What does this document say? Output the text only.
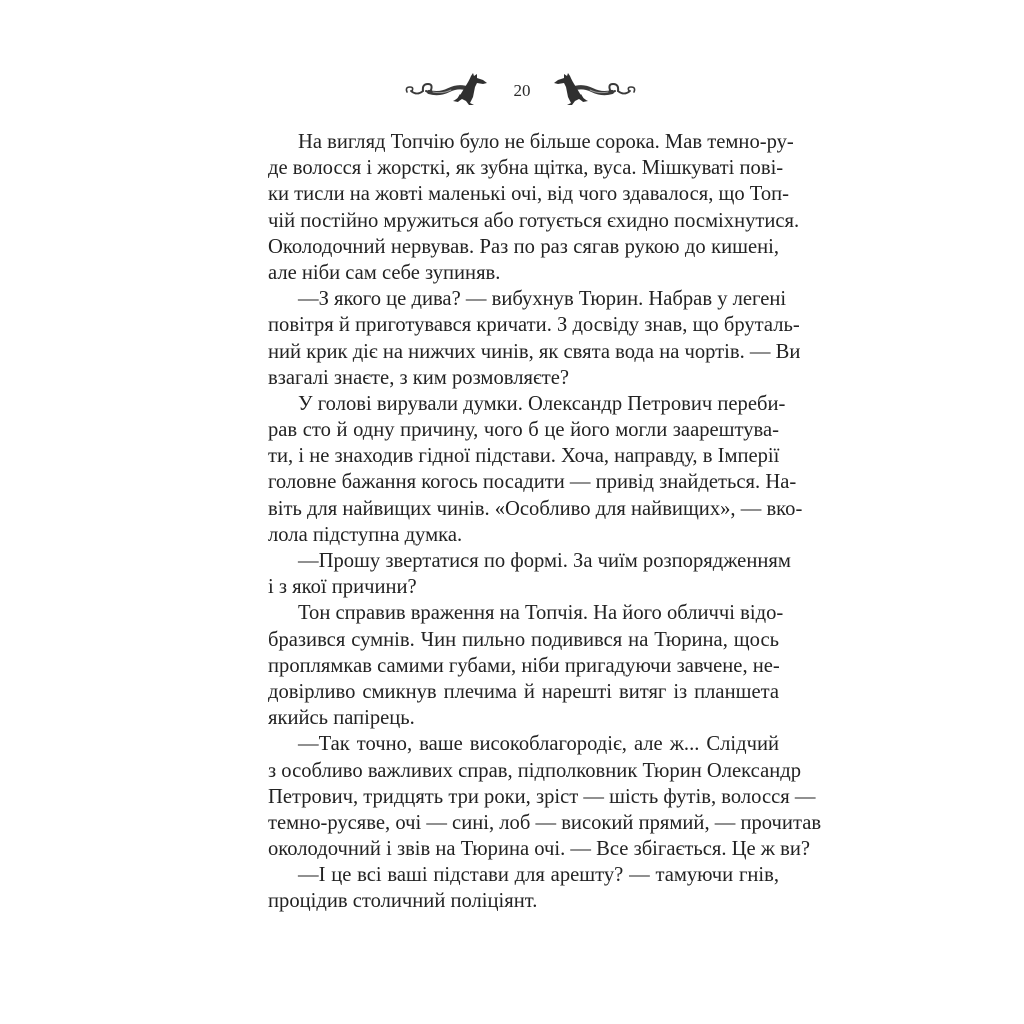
20
На вигляд Топчію було не більше сорока. Мав темно-ру-
де волосся і жорсткі, як зубна щітка, вуса. Мішкуваті пові-
ки тисли на жовті маленькі очі, від чого здавалося, що Топ-
чій постійно мружиться або готується єхидно посміхнутися.
Околодочний нервував. Раз по раз сягав рукою до кишені,
але ніби сам себе зупиняв.
—З якого це дива? — вибухнув Тюрин. Набрав у легені
повітря й приготувався кричати. З досвіду знав, що бруталь-
ний крик діє на нижчих чинів, як свята вода на чортів. — Ви
взагалі знаєте, з ким розмовляєте?
У голові вирували думки. Олександр Петрович переби-
рав сто й одну причину, чого б це його могли заарештува-
ти, і не знаходив гідної підстави. Хоча, направду, в Імперії
головне бажання когось посадити — привід знайдеться. На-
віть для найвищих чинів. «Особливо для найвищих», — вко-
лола підступна думка.
—Прошу звертатися по формі. За чиїм розпорядженням
і з якої причини?
Тон справив враження на Топчія. На його обличчі відо-
бразився сумнів. Чин пильно подивився на Тюрина, щось
проплямкав самими губами, ніби пригадуючи завчене, не-
довірливо смикнув плечима й нарешті витяг із планшета
якийсь папірець.
—Так точно, ваше високоблагородіє, але ж... Слідчий
з особливо важливих справ, підполковник Тюрин Олександр
Петрович, тридцять три роки, зріст — шість футів, волосся —
темно-русяве, очі — сині, лоб — високий прямий, — прочитав
околодочний і звів на Тюрина очі. — Все збігається. Це ж ви?
—І це всі ваші підстави для арешту? — тамуючи гнів,
процідив столичний поліціянт.
